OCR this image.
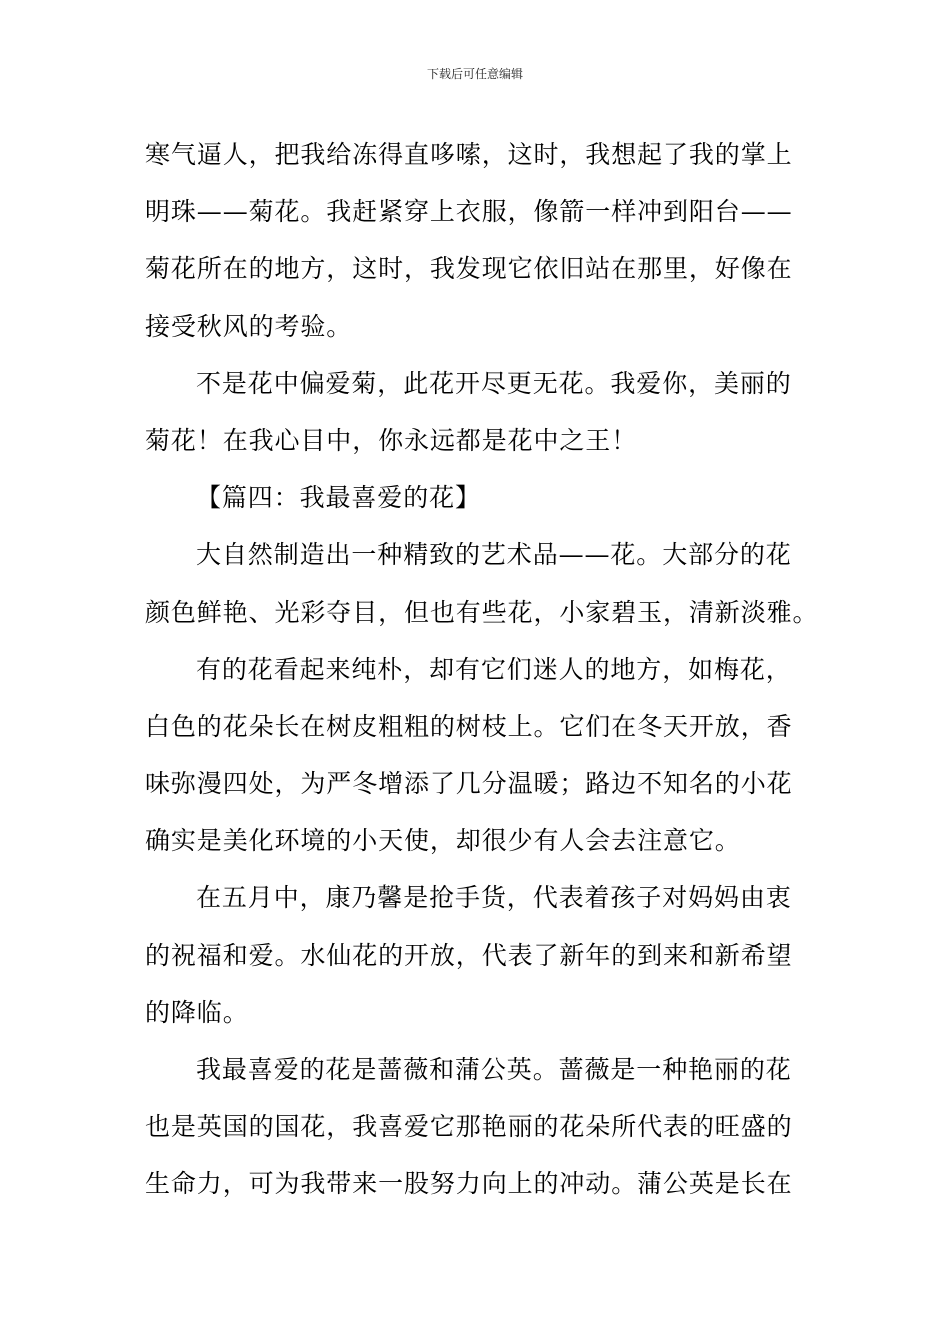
下载后可任意编辑
寒气逼人，把我给冻得直哆嗦，这时，我想起了我的掌上
明珠——菊花。我赶紧穿上衣服，像箭一样冲到阳台——
菊花所在的地方，这时，我发现它依旧站在那里，好像在
接受秋风的考验。
不是花中偏爱菊，此花开尽更无花。我爱你，美丽的
菊花！在我心目中，你永远都是花中之王！
【篇四：我最喜爱的花】
大自然制造出一种精致的艺术品——花。大部分的花
颜色鲜艳、光彩夺目，但也有些花，小家碧玉，清新淡雅。
有的花看起来纯朴，却有它们迷人的地方，如梅花，
白色的花朵长在树皮粗粗的树枝上。它们在冬天开放，香
味弥漫四处，为严冬增添了几分温暖；路边不知名的小花
确实是美化环境的小天使，却很少有人会去注意它。
在五月中，康乃馨是抢手货，代表着孩子对妈妈由衷
的祝福和爱。水仙花的开放，代表了新年的到来和新希望
的降临。
我最喜爱的花是蔷薇和蒲公英。蔷薇是一种艳丽的花
也是英国的国花，我喜爱它那艳丽的花朵所代表的旺盛的
生命力，可为我带来一股努力向上的冲动。蒲公英是长在
